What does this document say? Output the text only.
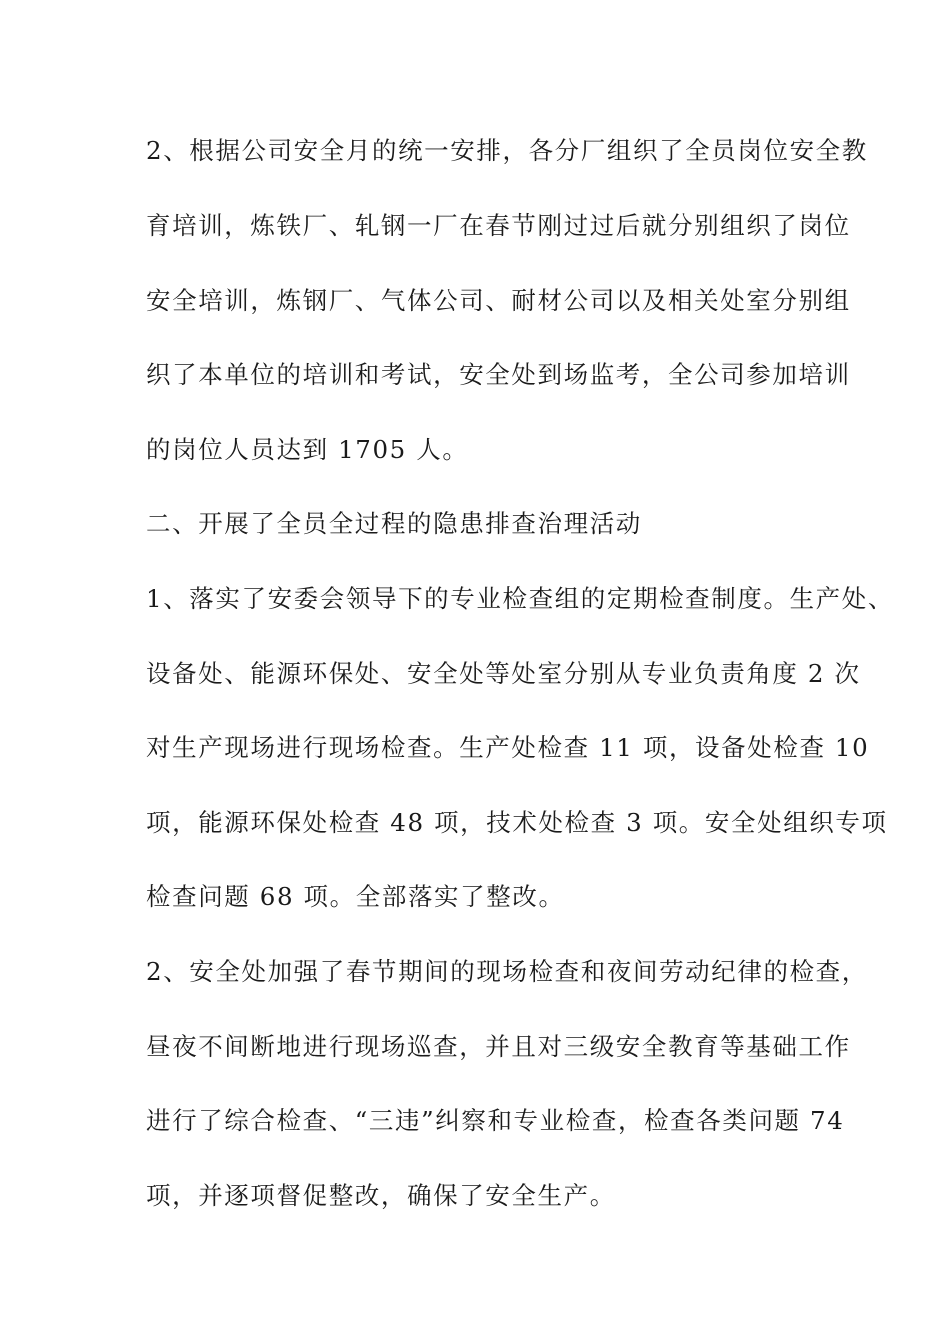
2、根据公司安全月的统一安排，各分厂组织了全员岗位安全教
育培训，炼铁厂、轧钢一厂在春节刚过过后就分别组织了岗位
安全培训，炼钢厂、气体公司、耐材公司以及相关处室分别组
织了本单位的培训和考试，安全处到场监考，全公司参加培训
的岗位人员达到 1705 人。
二、开展了全员全过程的隐患排查治理活动
1、落实了安委会领导下的专业检查组的定期检查制度。生产处、
设备处、能源环保处、安全处等处室分别从专业负责角度 2 次
对生产现场进行现场检查。生产处检查 11 项，设备处检查 10
项，能源环保处检查 48 项，技术处检查 3 项。安全处组织专项
检查问题 68 项。全部落实了整改。
2、安全处加强了春节期间的现场检查和夜间劳动纪律的检查，
昼夜不间断地进行现场巡查，并且对三级安全教育等基础工作
进行了综合检查、“三违”纠察和专业检查，检查各类问题 74
项，并逐项督促整改，确保了安全生产。
